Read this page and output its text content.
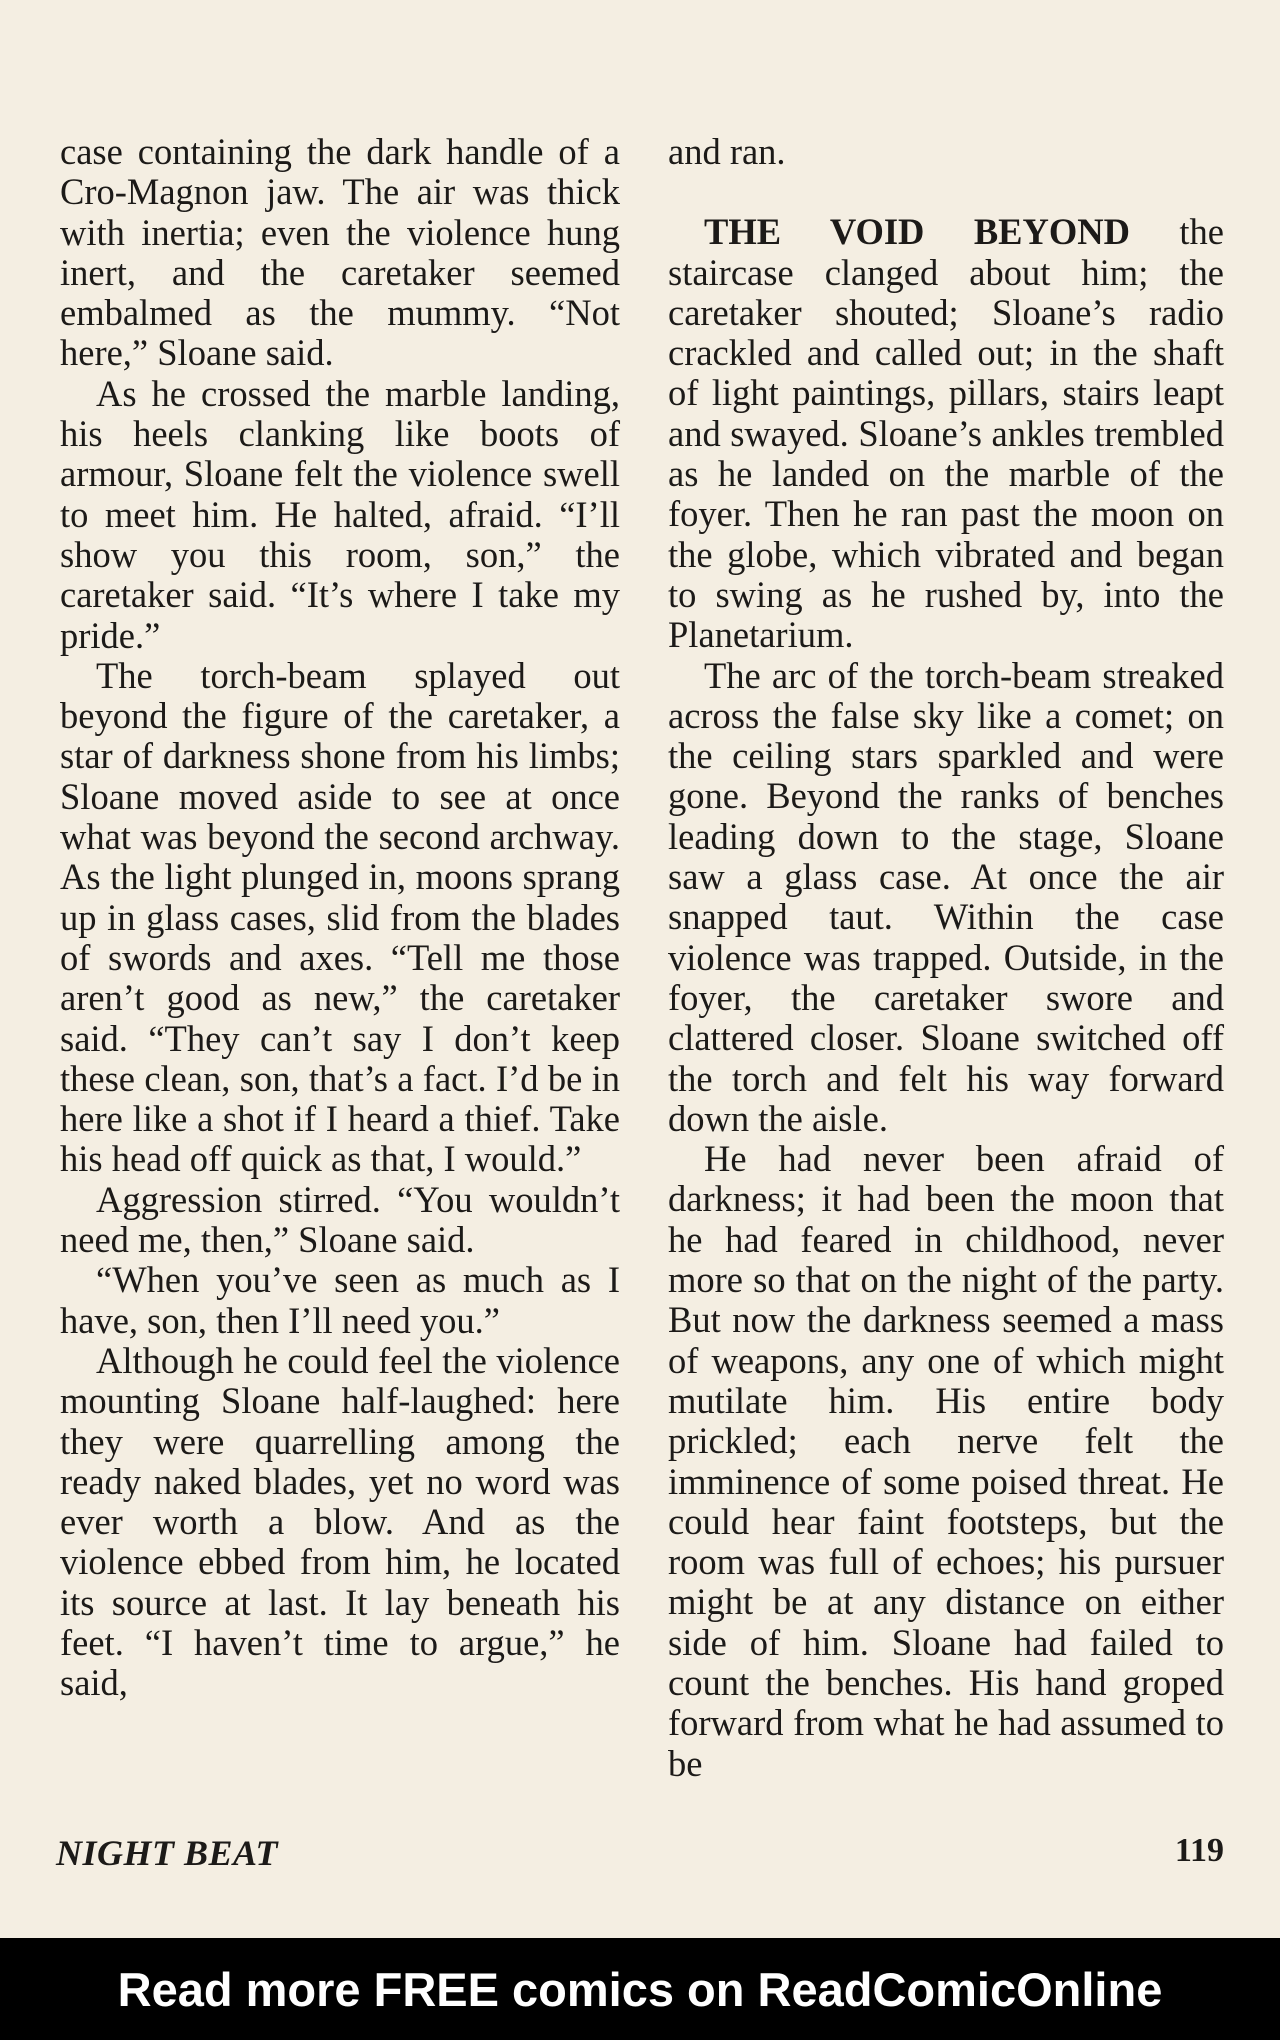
case containing the dark handle of a Cro-Magnon jaw. The air was thick with inertia; even the violence hung inert, and the caretaker seemed embalmed as the mummy. “Not here,” Sloane said.

As he crossed the marble landing, his heels clanking like boots of armour, Sloane felt the violence swell to meet him. He halted, afraid. “I’ll show you this room, son,” the caretaker said. “It’s where I take my pride.”

The torch-beam splayed out beyond the figure of the caretaker, a star of darkness shone from his limbs; Sloane moved aside to see at once what was beyond the second archway. As the light plunged in, moons sprang up in glass cases, slid from the blades of swords and axes. “Tell me those aren’t good as new,” the caretaker said. “They can’t say I don’t keep these clean, son, that’s a fact. I’d be in here like a shot if I heard a thief. Take his head off quick as that, I would.”

Aggression stirred. “You wouldn’t need me, then,” Sloane said.

“When you’ve seen as much as I have, son, then I’ll need you.”

Although he could feel the violence mounting Sloane half-laughed: here they were quarrelling among the ready naked blades, yet no word was ever worth a blow. And as the violence ebbed from him, he located its source at last. It lay beneath his feet. “I haven’t time to argue,” he said,

and ran.

THE VOID BEYOND the staircase clanged about him; the caretaker shouted; Sloane’s radio crackled and called out; in the shaft of light paintings, pillars, stairs leapt and swayed. Sloane’s ankles trembled as he landed on the marble of the foyer. Then he ran past the moon on the globe, which vibrated and began to swing as he rushed by, into the Planetarium.

The arc of the torch-beam streaked across the false sky like a comet; on the ceiling stars sparkled and were gone. Beyond the ranks of benches leading down to the stage, Sloane saw a glass case. At once the air snapped taut. Within the case violence was trapped. Outside, in the foyer, the caretaker swore and clattered closer. Sloane switched off the torch and felt his way forward down the aisle.

He had never been afraid of darkness; it had been the moon that he had feared in childhood, never more so that on the night of the party. But now the darkness seemed a mass of weapons, any one of which might mutilate him. His entire body prickled; each nerve felt the imminence of some poised threat. He could hear faint footsteps, but the room was full of echoes; his pursuer might be at any distance on either side of him. Sloane had failed to count the benches. His hand groped forward from what he had assumed to be

NIGHT BEAT	119
Read more FREE comics on ReadComicOnline
